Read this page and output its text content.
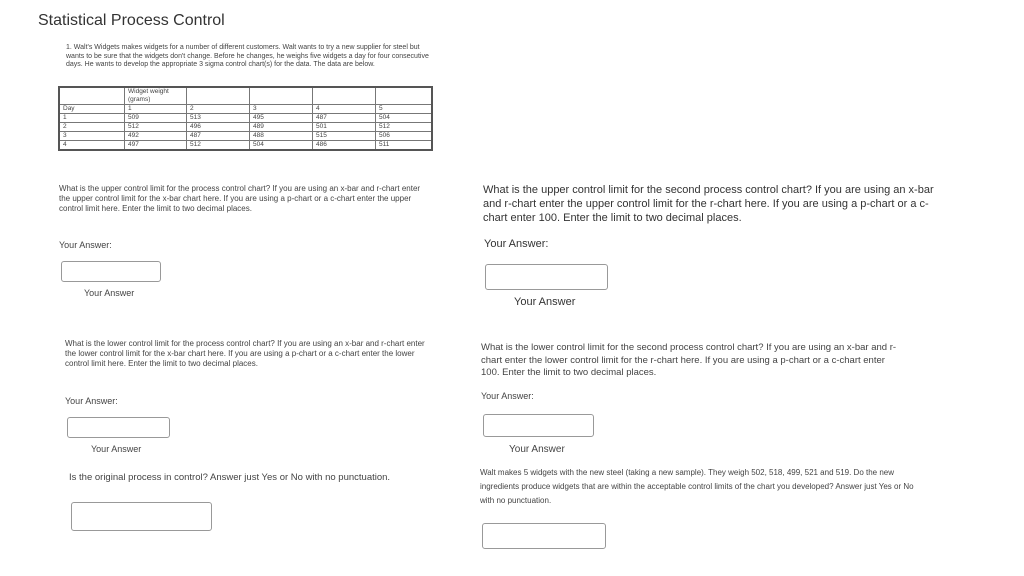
Statistical Process Control
1. Walt's Widgets makes widgets for a number of different customers. Walt wants to try a new supplier for steel but wants to be sure that the widgets don't change. Before he changes, he weighs five widgets a day for four consecutive days. He wants to develop the appropriate 3 sigma control chart(s) for the data. The data are below.
	Widget weight (grams)				
Day	1	2	3	4	5
1	509	513	495	487	504
2	512	496	489	501	512
3	492	487	488	515	506
4	497	512	504	486	511
What is the upper control limit for the process control chart? If you are using an x-bar and r-chart enter the upper control limit for the x-bar chart here. If you are using a p-chart or a c-chart enter the upper control limit here. Enter the limit to two decimal places.
Your Answer:
Your Answer
What is the upper control limit for the second process control chart? If you are using an x-bar and r-chart enter the upper control limit for the r-chart here. If you are using a p-chart or a c-chart enter 100. Enter the limit to two decimal places.
Your Answer:
Your Answer
What is the lower control limit for the process control chart? If you are using an x-bar and r-chart enter the lower control limit for the x-bar chart here. If you are using a p-chart or a c-chart enter the lower control limit here. Enter the limit to two decimal places.
Your Answer:
Your Answer
What is the lower control limit for the second process control chart? If you are using an x-bar and r-chart enter the lower control limit for the r-chart here. If you are using a p-chart or a c-chart enter 100. Enter the limit to two decimal places.
Your Answer:
Your Answer
Is the original process in control? Answer just Yes or No with no punctuation.	Walt makes 5 widgets with the new steel (taking a new sample). They weigh 502, 518, 499, 521 and 519. Do the new ingredients produce widgets that are within the acceptable control limits of the chart you developed? Answer just Yes or No with no punctuation.
